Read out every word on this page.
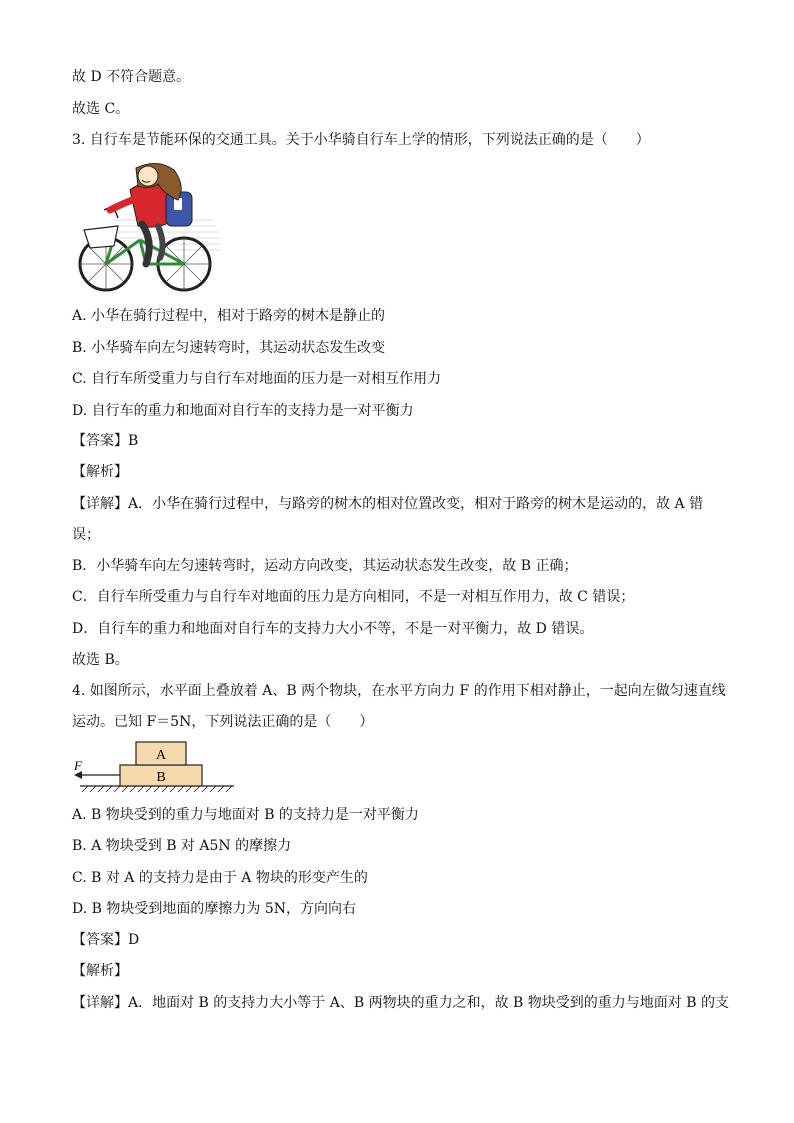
故 D 不符合题意。
故选 C。
3. 自行车是节能环保的交通工具。关于小华骑自行车上学的情形，下列说法正确的是（　　）
A. 小华在骑行过程中，相对于路旁的树木是静止的
B. 小华骑车向左匀速转弯时，其运动状态发生改变
C. 自行车所受重力与自行车对地面的压力是一对相互作用力
D. 自行车的重力和地面对自行车的支持力是一对平衡力
【答案】B
【解析】
【详解】A．小华在骑行过程中，与路旁的树木的相对位置改变，相对于路旁的树木是运动的，故 A 错
误；
B．小华骑车向左匀速转弯时，运动方向改变，其运动状态发生改变，故 B 正确；
C．自行车所受重力与自行车对地面的压力是方向相同，不是一对相互作用力，故 C 错误；
D．自行车的重力和地面对自行车的支持力大小不等，不是一对平衡力，故 D 错误。
故选 B。
4. 如图所示，水平面上叠放着 A、B 两个物块，在水平方向力 F 的作用下相对静止，一起向左做匀速直线
运动。已知 F＝5N，下列说法正确的是（　　）
A
B
F
A. B 物块受到的重力与地面对 B 的支持力是一对平衡力
B. A 物块受到 B 对 A5N 的摩擦力
C. B 对 A 的支持力是由于 A 物块的形变产生的
D. B 物块受到地面的摩擦力为 5N，方向向右
【答案】D
【解析】
【详解】A．地面对 B 的支持力大小等于 A、B 两物块的重力之和，故 B 物块受到的重力与地面对 B 的支
